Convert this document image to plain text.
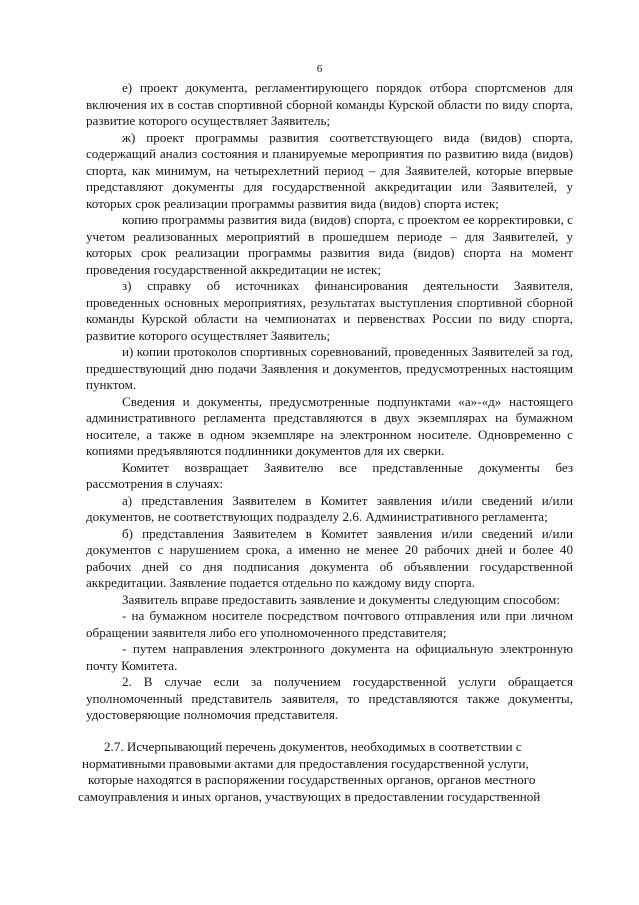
6

е) проект документа, регламентирующего порядок отбора спортсменов для включения их в состав спортивной сборной команды Курской области по виду спорта, развитие которого осуществляет Заявитель;

ж) проект программы развития соответствующего вида (видов) спорта, содержащий анализ состояния и планируемые мероприятия по развитию вида (видов) спорта, как минимум, на четырехлетний период – для Заявителей, которые впервые представляют документы для государственной аккредитации или Заявителей, у которых срок реализации программы развития вида (видов) спорта истек;

копию программы развития вида (видов) спорта, с проектом ее корректировки, с учетом реализованных мероприятий в прошедшем периоде – для Заявителей, у которых срок реализации программы развития вида (видов) спорта на момент проведения государственной аккредитации не истек;

з) справку об источниках финансирования деятельности Заявителя, проведенных основных мероприятиях, результатах выступления спортивной сборной команды Курской области на чемпионатах и первенствах России по виду спорта, развитие которого осуществляет Заявитель;

и) копии протоколов спортивных соревнований, проведенных Заявителей за год, предшествующий дню подачи Заявления и документов, предусмотренных настоящим пунктом.

Сведения и документы, предусмотренные подпунктами «а»-«д» настоящего административного регламента представляются в двух экземплярах на бумажном носителе, а также в одном экземпляре на электронном носителе. Одновременно с копиями предъявляются подлинники документов для их сверки.

Комитет возвращает Заявителю все представленные документы без рассмотрения в случаях:

а) представления Заявителем в Комитет заявления и/или сведений и/или документов, не соответствующих подразделу 2.6. Административного регламента;

б) представления Заявителем в Комитет заявления и/или сведений и/или документов с нарушением срока, а именно не менее 20 рабочих дней и более 40 рабочих дней со дня подписания документа об объявлении государственной аккредитации. Заявление подается отдельно по каждому виду спорта.

Заявитель вправе предоставить заявление и документы следующим способом:

- на бумажном носителе посредством почтового отправления или при личном обращении заявителя либо его уполномоченного представителя;

- путем направления электронного документа на официальную электронную почту Комитета.

2. В случае если за получением государственной услуги обращается уполномоченный представитель заявителя, то представляются также документы, удостоверяющие полномочия представителя.

2.7. Исчерпывающий перечень документов, необходимых в соответствии с
нормативными правовыми актами для предоставления государственной услуги,
которые находятся в распоряжении государственных органов, органов местного
самоуправления и иных органов, участвующих в предоставлении государственной
